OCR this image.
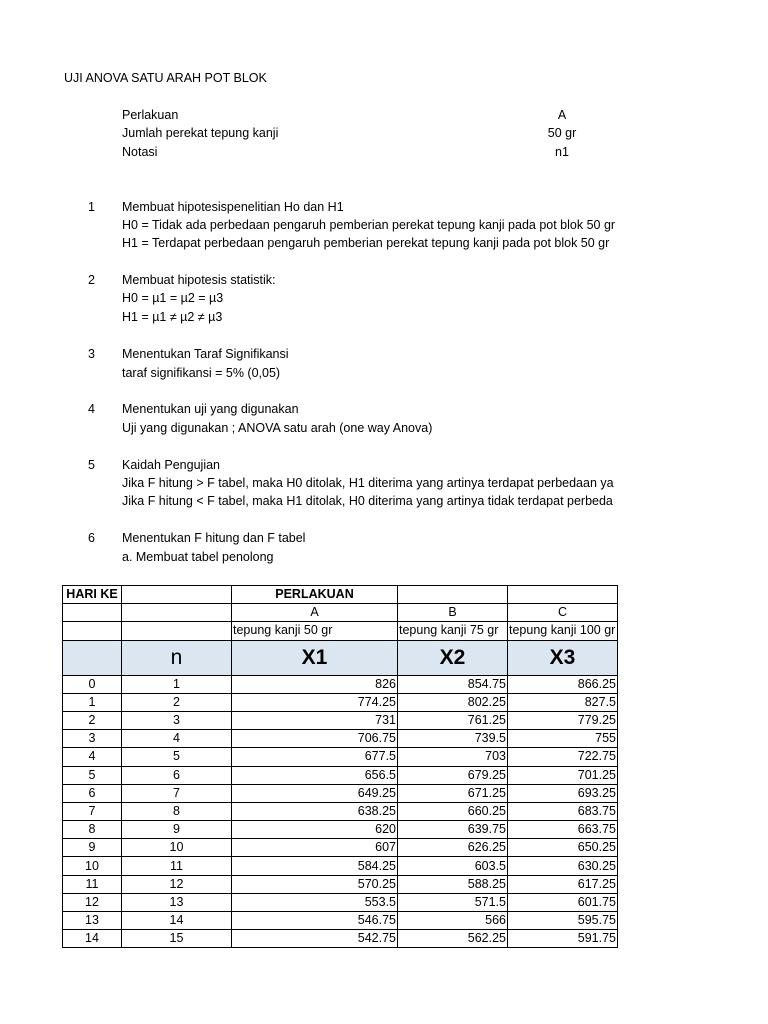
UJI ANOVA SATU ARAH POT BLOK
Perlakuan	A
Jumlah perekat tepung kanji	50 gr
Notasi	n1
1 Membuat hipotesispenelitian Ho dan H1
H0 = Tidak ada perbedaan pengaruh pemberian perekat tepung kanji pada pot blok 50 gr
H1 = Terdapat perbedaan pengaruh pemberian perekat tepung kanji pada pot blok 50 gr
2 Membuat hipotesis statistik:
H0 = µ1 = µ2 = µ3
H1 = µ1 ≠ µ2 ≠ µ3
3 Menentukan Taraf Signifikansi
taraf signifikansi = 5% (0,05)
4 Menentukan uji yang digunakan
Uji yang digunakan ; ANOVA satu arah (one way Anova)
5 Kaidah Pengujian
Jika F hitung > F tabel, maka H0 ditolak, H1 diterima yang artinya terdapat perbedaan ya
Jika F hitung < F tabel, maka H1 ditolak, H0 diterima yang artinya tidak terdapat perbeda
6 Menentukan F hitung dan F tabel
a. Membuat tabel penolong
HARI KE		PERLAKUAN		
		A	B	C
		tepung kanji 50 gr	tepung kanji 75 gr	tepung kanji 100 gr
	n	X1	X2	X3
0	1	826	854.75	866.25
1	2	774.25	802.25	827.5
2	3	731	761.25	779.25
3	4	706.75	739.5	755
4	5	677.5	703	722.75
5	6	656.5	679.25	701.25
6	7	649.25	671.25	693.25
7	8	638.25	660.25	683.75
8	9	620	639.75	663.75
9	10	607	626.25	650.25
10	11	584.25	603.5	630.25
11	12	570.25	588.25	617.25
12	13	553.5	571.5	601.75
13	14	546.75	566	595.75
14	15	542.75	562.25	591.75
